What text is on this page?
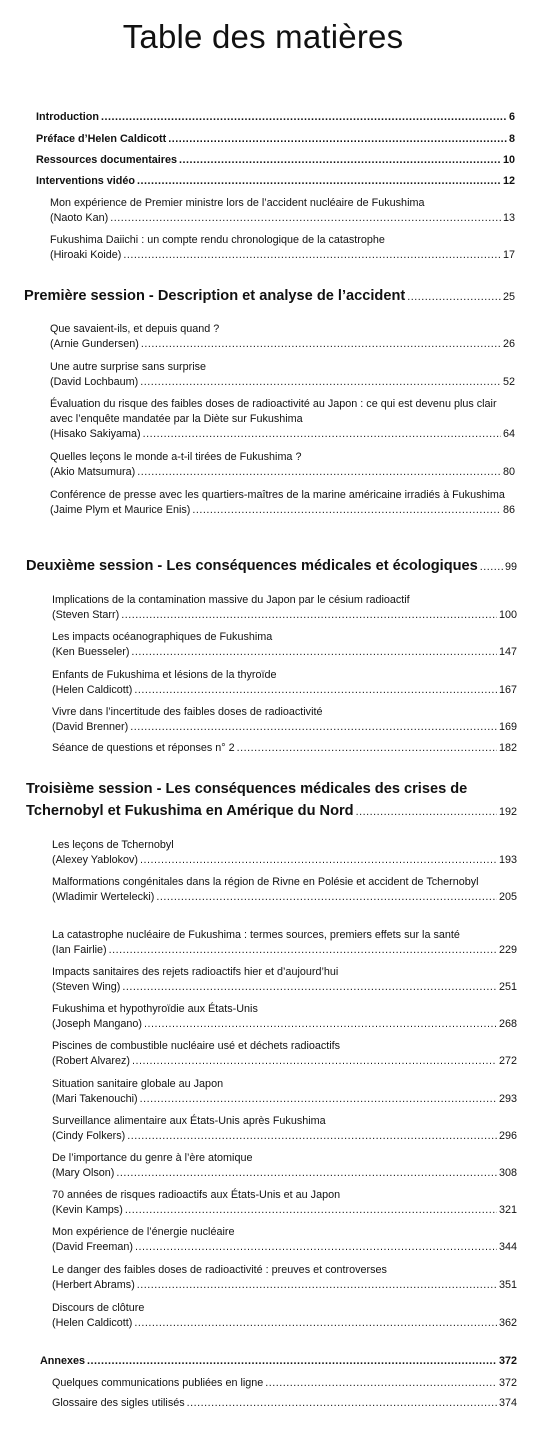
Table des matières
Introduction .....	6
Préface d’Helen Caldicott .....	8
Ressources documentaires .....	10
Interventions vidéo .....	12
Mon expérience de Premier ministre lors de l’accident nucléaire de Fukushima
(Naoto Kan) .....	13
Fukushima Daiichi : un compte rendu chronologique de la catastrophe
(Hiroaki Koide) .....	17
Première session - Description et analyse de l’accident .....	25
Que savaient-ils, et depuis quand ?
(Arnie Gundersen) .....	26
Une autre surprise sans surprise
(David Lochbaum) .....	52
Évaluation du risque des faibles doses de radioactivité au Japon : ce qui est devenu plus clair avec l’enquête mandatée par la Diète sur Fukushima
(Hisako Sakiyama) .....	64
Quelles leçons le monde a-t-il tirées de Fukushima ?
(Akio Matsumura) .....	80
Conférence de presse avec les quartiers-maîtres de la marine américaine irradiés à Fukushima
(Jaime Plym et Maurice Enis) .....	86
Deuxième session - Les conséquences médicales et écologiques .....	99
Implications de la contamination massive du Japon par le césium radioactif
(Steven Starr) .....	100
Les impacts océanographiques de Fukushima
(Ken Buesseler) .....	147
Enfants de Fukushima et lésions de la thyroïde
(Helen Caldicott) .....	167
Vivre dans l’incertitude des faibles doses de radioactivité
(David Brenner) .....	169
Séance de questions et réponses n° 2 .....	182
Troisième session - Les conséquences médicales des crises de
Tchernobyl et Fukushima en Amérique du Nord .....	192
Les leçons de Tchernobyl
(Alexey Yablokov) .....	193
Malformations congénitales dans la région de Rivne en Polésie et accident de Tchernobyl
(Wladimir Wertelecki) .....	205
La catastrophe nucléaire de Fukushima : termes sources, premiers effets sur la santé
(Ian Fairlie) .....	229
Impacts sanitaires des rejets radioactifs hier et d’aujourd’hui
(Steven Wing) .....	251
Fukushima et hypothyroïdie aux États-Unis
(Joseph Mangano) .....	268
Piscines de combustible nucléaire usé et déchets radioactifs
(Robert Alvarez) .....	272
Situation sanitaire globale au Japon
(Mari Takenouchi) .....	293
Surveillance alimentaire aux États-Unis après Fukushima
(Cindy Folkers) .....	296
De l’importance du genre à l’ère atomique
(Mary Olson) .....	308
70 années de risques radioactifs aux États-Unis et au Japon
(Kevin Kamps) .....	321
Mon expérience de l’énergie nucléaire
(David Freeman) .....	344
Le danger des faibles doses de radioactivité : preuves et controverses
(Herbert Abrams) .....	351
Discours de clôture
(Helen Caldicott) .....	362
Annexes .....	372
Quelques communications publiées en ligne .....	372
Glossaire des sigles utilisés .....	374
